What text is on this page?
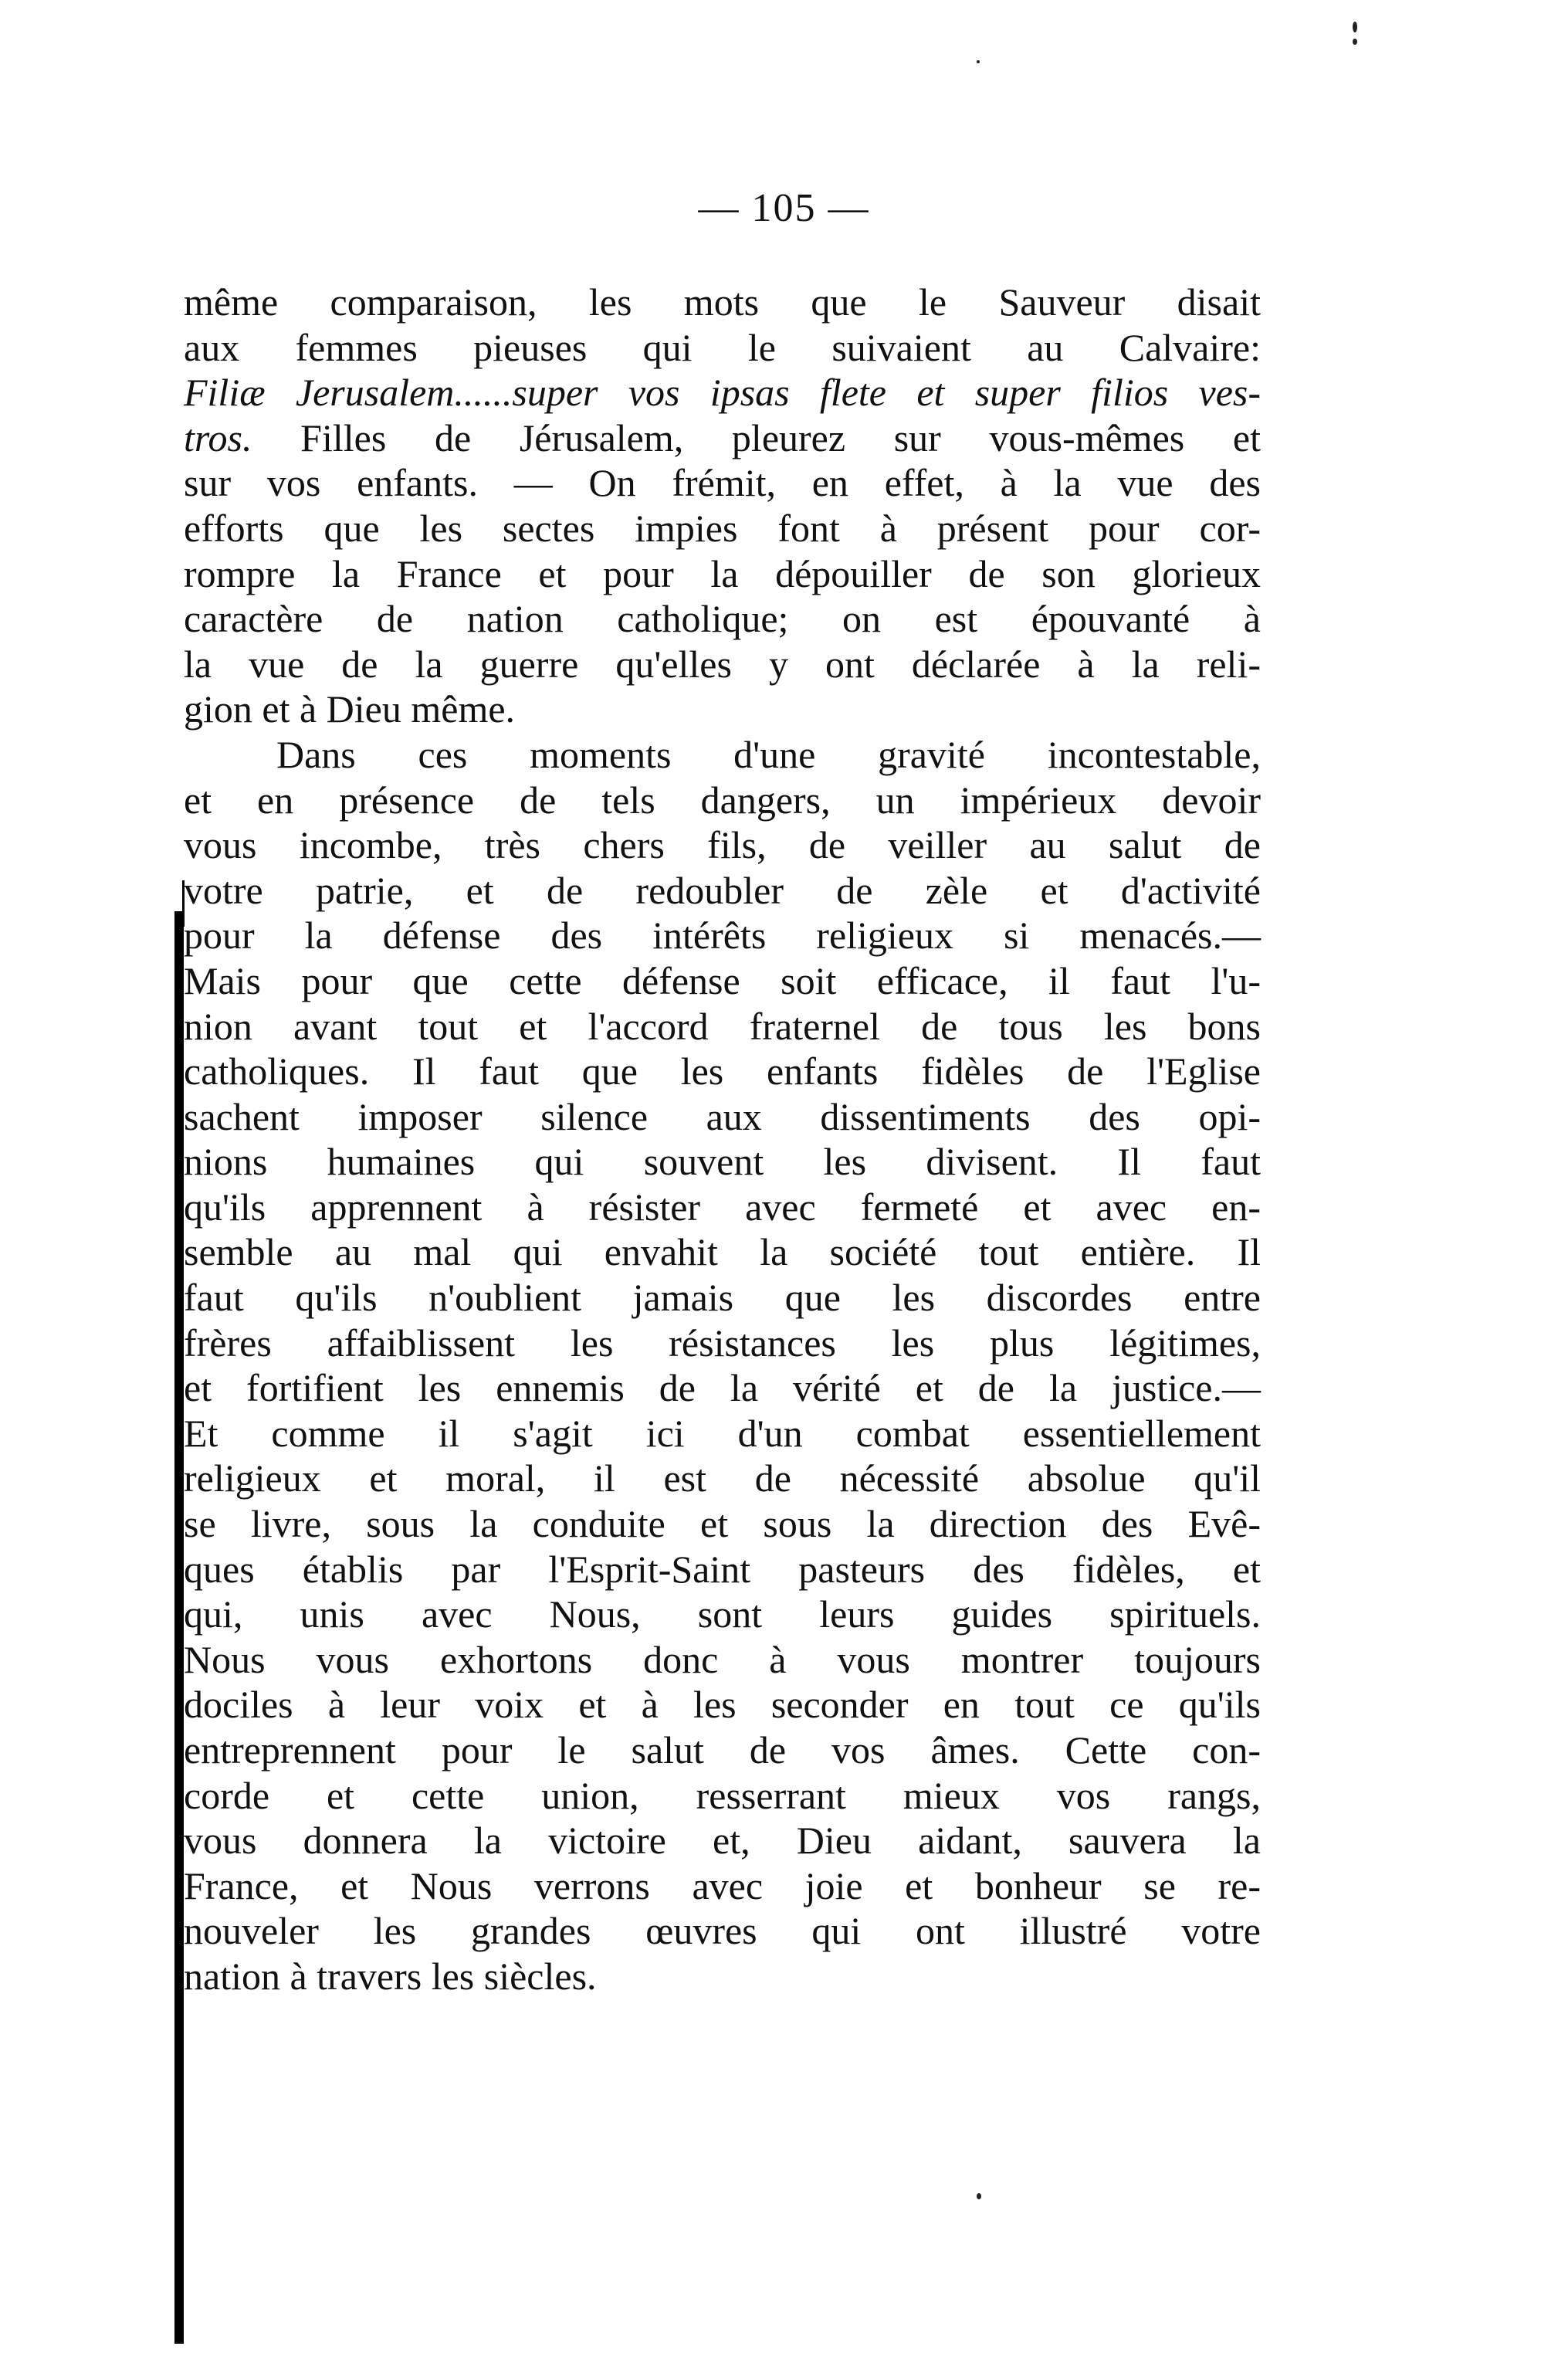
— 105 —
même comparaison, les mots que le Sauveur disait
aux femmes pieuses qui le suivaient au Calvaire:
Filiæ Jerusalem......super vos ipsas flete et super filios ves-
tros. Filles de Jérusalem, pleurez sur vous-mêmes et
sur vos enfants. — On frémit, en effet, à la vue des
efforts que les sectes impies font à présent pour cor-
rompre la France et pour la dépouiller de son glorieux
caractère de nation catholique; on est épouvanté à
la vue de la guerre qu'elles y ont déclarée à la reli-
gion et à Dieu même.
Dans ces moments d'une gravité incontestable,
et en présence de tels dangers, un impérieux devoir
vous incombe, très chers fils, de veiller au salut de
votre patrie, et de redoubler de zèle et d'activité
pour la défense des intérêts religieux si menacés.—
Mais pour que cette défense soit efficace, il faut l'u-
nion avant tout et l'accord fraternel de tous les bons
catholiques. Il faut que les enfants fidèles de l'Eglise
sachent imposer silence aux dissentiments des opi-
nions humaines qui souvent les divisent. Il faut
qu'ils apprennent à résister avec fermeté et avec en-
semble au mal qui envahit la société tout entière. Il
faut qu'ils n'oublient jamais que les discordes entre
frères affaiblissent les résistances les plus légitimes,
et fortifient les ennemis de la vérité et de la justice.—
Et comme il s'agit ici d'un combat essentiellement
religieux et moral, il est de nécessité absolue qu'il
se livre, sous la conduite et sous la direction des Evê-
ques établis par l'Esprit-Saint pasteurs des fidèles, et
qui, unis avec Nous, sont leurs guides spirituels.
Nous vous exhortons donc à vous montrer toujours
dociles à leur voix et à les seconder en tout ce qu'ils
entreprennent pour le salut de vos âmes. Cette con-
corde et cette union, resserrant mieux vos rangs,
vous donnera la victoire et, Dieu aidant, sauvera la
France, et Nous verrons avec joie et bonheur se re-
nouveler les grandes œuvres qui ont illustré votre
nation à travers les siècles.
